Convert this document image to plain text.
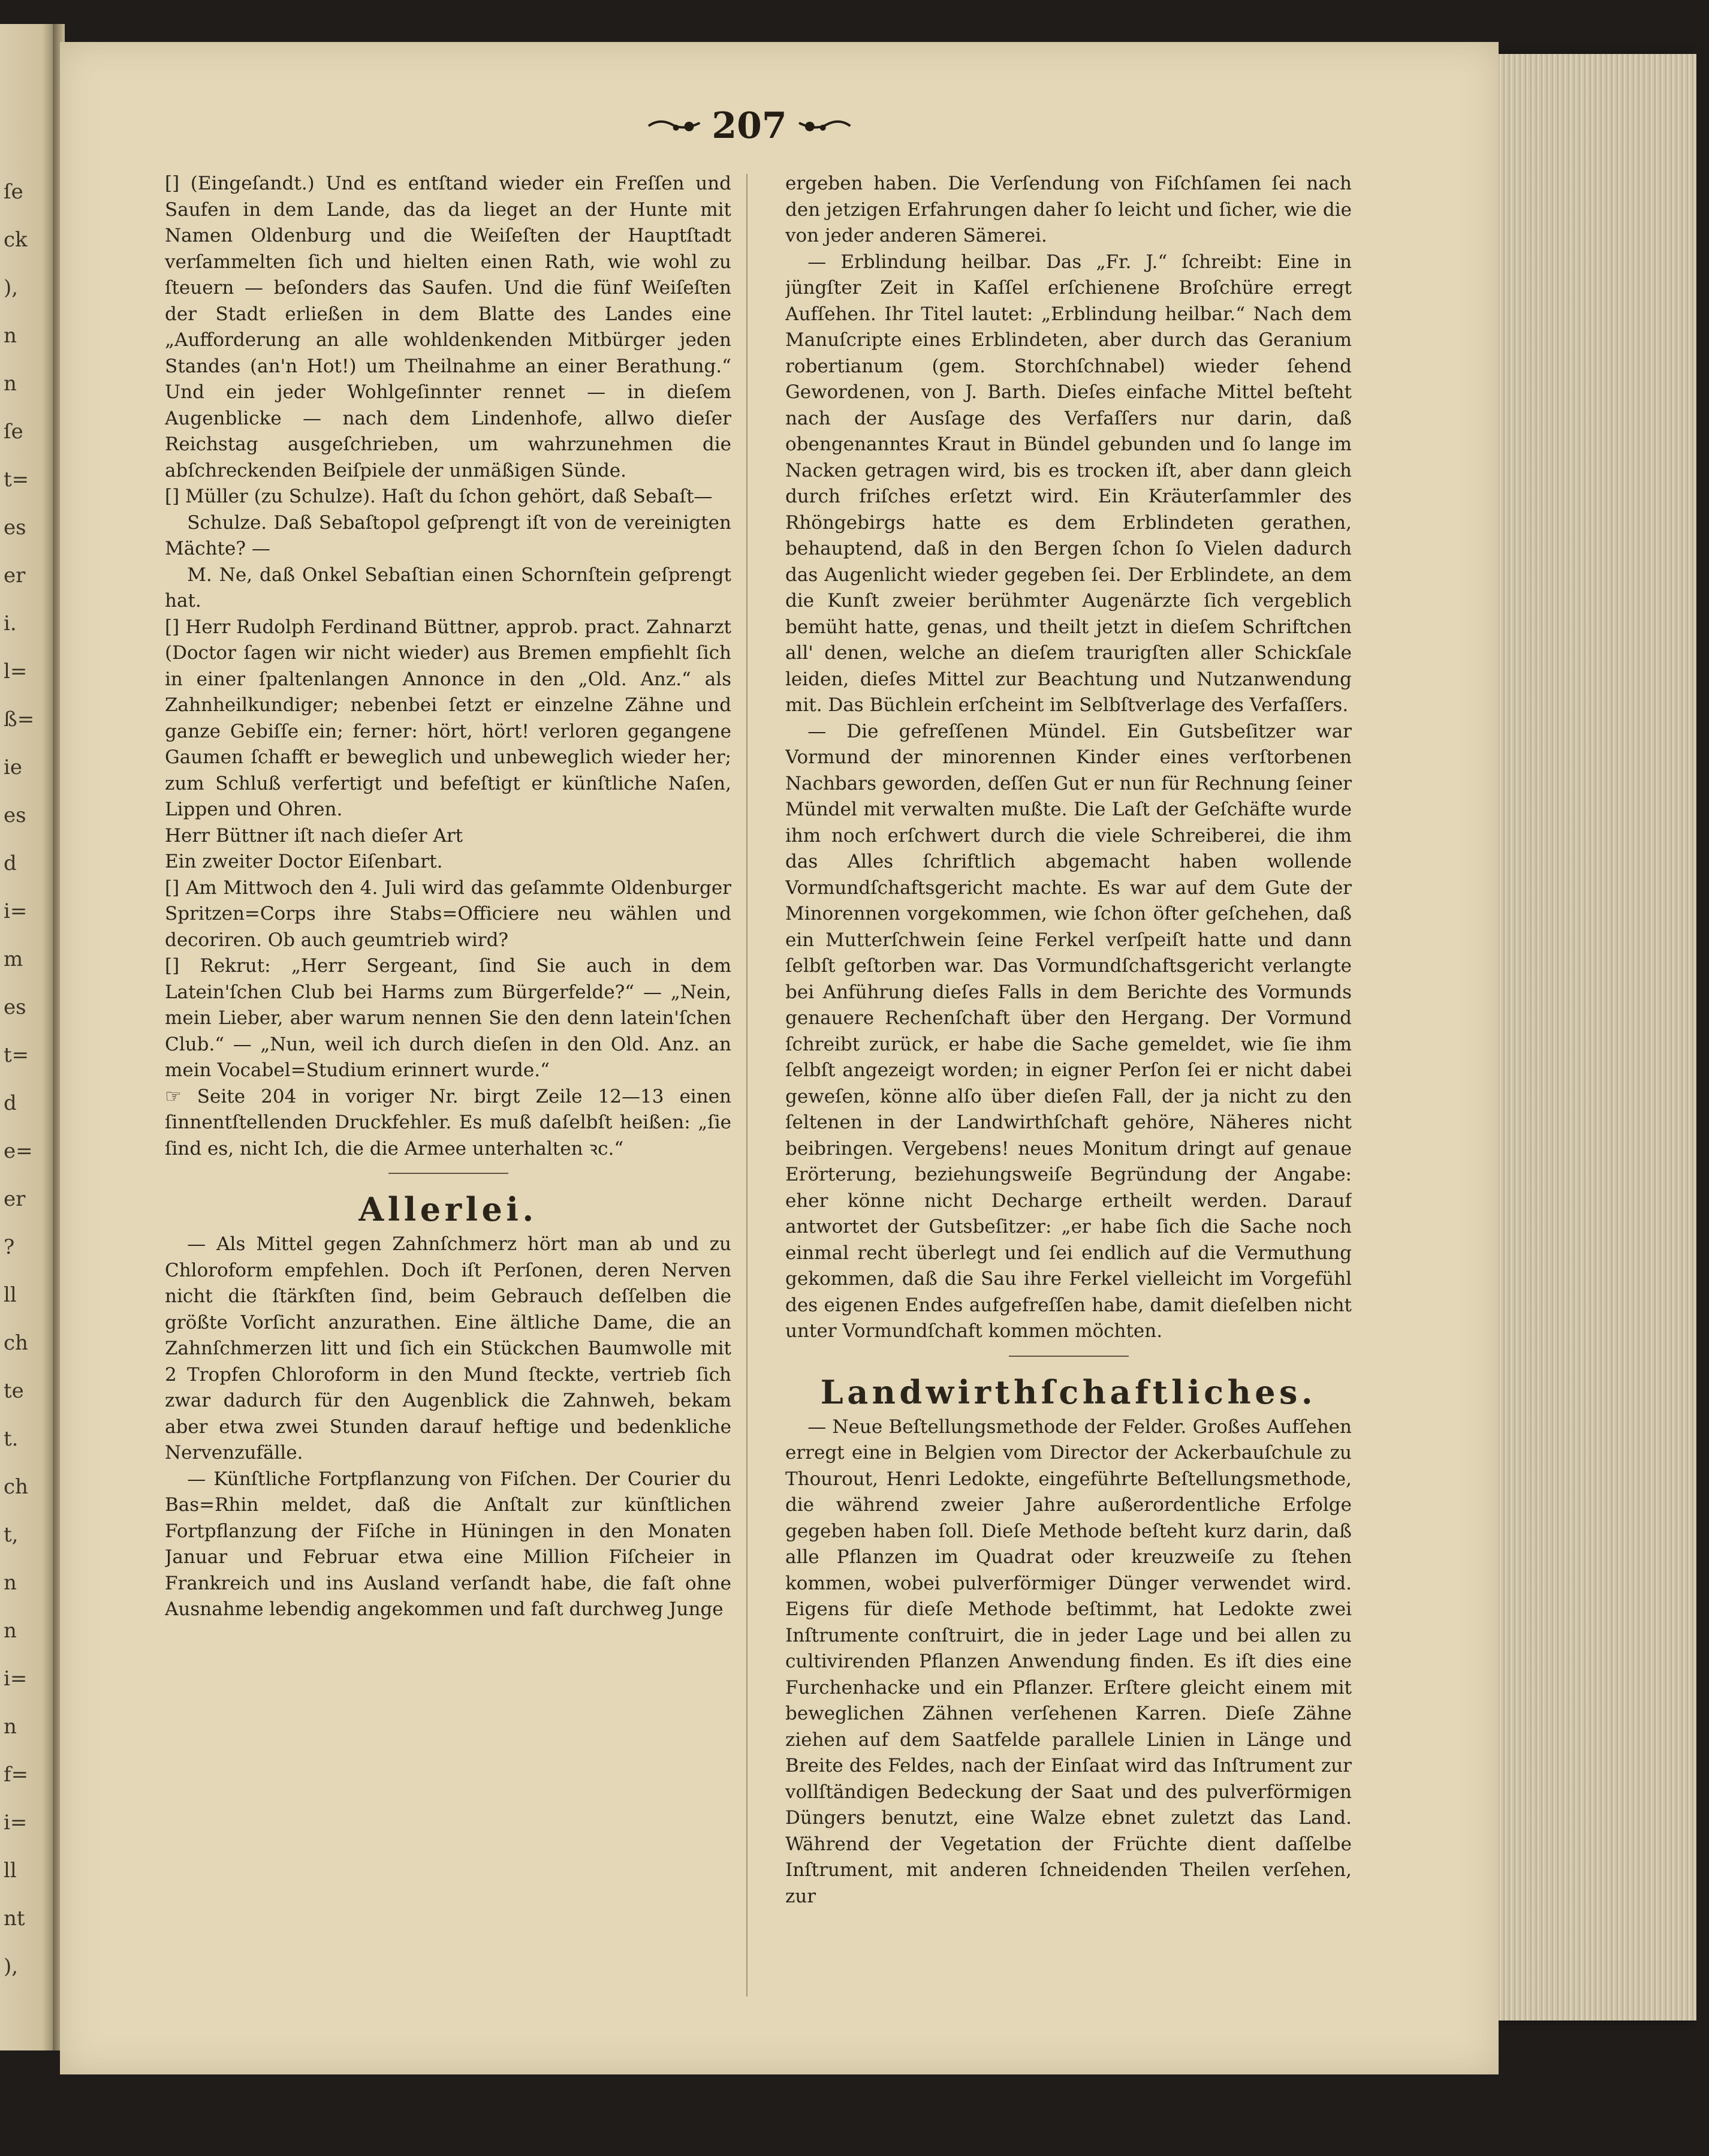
ſe
ck
),
n
n
ſe
t=
es
er
i.
l=
ß=
ie
es
d
i=
m
es
t=
d
e=
er
?
ll
ch
te
t.
ch
t,
n
n
i=
n
f=
i=
ll
nt
),
207

[] (Eingeſandt.) Und es entſtand wieder ein Freſſen und Saufen in dem Lande, das da lieget an der Hunte mit Namen Oldenburg und die Weiſeſten der Hauptſtadt verſammelten ſich und hielten einen Rath, wie wohl zu ſteuern — beſonders das Saufen. Und die fünf Weiſeſten der Stadt erließen in dem Blatte des Landes eine „Aufforderung an alle wohldenkenden Mitbürger jeden Standes (an'n Hot!) um Theilnahme an einer Berathung.“ Und ein jeder Wohlgeſinnter rennet — in dieſem Augenblicke — nach dem Lindenhofe, allwo dieſer Reichstag ausgeſchrieben, um wahrzunehmen die abſchreckenden Beiſpiele der unmäßigen Sünde.

[] Müller (zu Schulze). Haſt du ſchon gehört, daß Sebaſt—

Schulze. Daß Sebaſtopol geſprengt iſt von de vereinigten Mächte? —

M. Ne, daß Onkel Sebaſtian einen Schornſtein geſprengt hat.

[] Herr Rudolph Ferdinand Büttner, approb. pract. Zahnarzt (Doctor ſagen wir nicht wieder) aus Bremen empfiehlt ſich in einer ſpaltenlangen Annonce in den „Old. Anz.“ als Zahnheilkundiger; nebenbei ſetzt er einzelne Zähne und ganze Gebiſſe ein; ferner: hört, hört! verloren gegangene Gaumen ſchafft er beweglich und unbeweglich wieder her; zum Schluß verfertigt und befeſtigt er künſtliche Naſen, Lippen und Ohren.

Herr Büttner iſt nach dieſer Art

Ein zweiter Doctor Eiſenbart.

[] Am Mittwoch den 4. Juli wird das geſammte Oldenburger Spritzen=Corps ihre Stabs=Officiere neu wählen und decoriren. Ob auch geumtrieb wird?

[] Rekrut: „Herr Sergeant, ſind Sie auch in dem Latein'ſchen Club bei Harms zum Bürgerfelde?“ — „Nein, mein Lieber, aber warum nennen Sie den denn latein'ſchen Club.“ — „Nun, weil ich durch dieſen in den Old. Anz. an mein Vocabel=Studium erinnert wurde.“

☞ Seite 204 in voriger Nr. birgt Zeile 12—13 einen ſinnentſtellenden Druckfehler. Es muß daſelbſt heißen: „ſie ſind es, nicht Ich, die die Armee unterhalten ꝛc.“

Allerlei.

— Als Mittel gegen Zahnſchmerz hört man ab und zu Chloroform empfehlen. Doch iſt Perſonen, deren Nerven nicht die ſtärkſten ſind, beim Gebrauch deſſelben die größte Vorſicht anzurathen. Eine ältliche Dame, die an Zahnſchmerzen litt und ſich ein Stückchen Baumwolle mit 2 Tropfen Chloroform in den Mund ſteckte, vertrieb ſich zwar dadurch für den Augenblick die Zahnweh, bekam aber etwa zwei Stunden darauf heftige und bedenkliche Nervenzufälle.

— Künſtliche Fortpflanzung von Fiſchen. Der Courier du Bas=Rhin meldet, daß die Anſtalt zur künſtlichen Fortpflanzung der Fiſche in Hüningen in den Monaten Januar und Februar etwa eine Million Fiſcheier in Frankreich und ins Ausland verſandt habe, die faſt ohne Ausnahme lebendig angekommen und faſt durchweg Junge

ergeben haben. Die Verſendung von Fiſchſamen ſei nach den jetzigen Erfahrungen daher ſo leicht und ſicher, wie die von jeder anderen Sämerei.

— Erblindung heilbar. Das „Fr. J.“ ſchreibt: Eine in jüngſter Zeit in Kaſſel erſchienene Broſchüre erregt Aufſehen. Ihr Titel lautet: „Erblindung heilbar.“ Nach dem Manuſcripte eines Erblindeten, aber durch das Geranium robertianum (gem. Storchſchnabel) wieder ſehend Gewordenen, von J. Barth. Dieſes einfache Mittel beſteht nach der Ausſage des Verfaſſers nur darin, daß obengenanntes Kraut in Bündel gebunden und ſo lange im Nacken getragen wird, bis es trocken iſt, aber dann gleich durch friſches erſetzt wird. Ein Kräuterſammler des Rhöngebirgs hatte es dem Erblindeten gerathen, behauptend, daß in den Bergen ſchon ſo Vielen dadurch das Augenlicht wieder gegeben ſei. Der Erblindete, an dem die Kunſt zweier berühmter Augenärzte ſich vergeblich bemüht hatte, genas, und theilt jetzt in dieſem Schriftchen all' denen, welche an dieſem traurigſten aller Schickſale leiden, dieſes Mittel zur Beachtung und Nutzanwendung mit. Das Büchlein erſcheint im Selbſtverlage des Verfaſſers.

— Die gefreſſenen Mündel. Ein Gutsbeſitzer war Vormund der minorennen Kinder eines verſtorbenen Nachbars geworden, deſſen Gut er nun für Rechnung ſeiner Mündel mit verwalten mußte. Die Laſt der Geſchäfte wurde ihm noch erſchwert durch die viele Schreiberei, die ihm das Alles ſchriftlich abgemacht haben wollende Vormundſchaftsgericht machte. Es war auf dem Gute der Minorennen vorgekommen, wie ſchon öfter geſchehen, daß ein Mutterſchwein ſeine Ferkel verſpeiſt hatte und dann ſelbſt geſtorben war. Das Vormundſchaftsgericht verlangte bei Anführung dieſes Falls in dem Berichte des Vormunds genauere Rechenſchaft über den Hergang. Der Vormund ſchreibt zurück, er habe die Sache gemeldet, wie ſie ihm ſelbſt angezeigt worden; in eigner Perſon ſei er nicht dabei geweſen, könne alſo über dieſen Fall, der ja nicht zu den ſeltenen in der Landwirthſchaft gehöre, Näheres nicht beibringen. Vergebens! neues Monitum dringt auf genaue Erörterung, beziehungsweiſe Begründung der Angabe: eher könne nicht Decharge ertheilt werden. Darauf antwortet der Gutsbeſitzer: „er habe ſich die Sache noch einmal recht überlegt und ſei endlich auf die Vermuthung gekommen, daß die Sau ihre Ferkel vielleicht im Vorgefühl des eigenen Endes aufgefreſſen habe, damit dieſelben nicht unter Vormundſchaft kommen möchten.

Landwirthſchaftliches.

— Neue Beſtellungsmethode der Felder. Großes Aufſehen erregt eine in Belgien vom Director der Ackerbauſchule zu Thourout, Henri Ledokte, eingeführte Beſtellungsmethode, die während zweier Jahre außerordentliche Erfolge gegeben haben ſoll. Dieſe Methode beſteht kurz darin, daß alle Pflanzen im Quadrat oder kreuzweiſe zu ſtehen kommen, wobei pulverförmiger Dünger verwendet wird. Eigens für dieſe Methode beſtimmt, hat Ledokte zwei Inſtrumente conſtruirt, die in jeder Lage und bei allen zu cultivirenden Pflanzen Anwendung finden. Es iſt dies eine Furchenhacke und ein Pflanzer. Erſtere gleicht einem mit beweglichen Zähnen verſehenen Karren. Dieſe Zähne ziehen auf dem Saatfelde parallele Linien in Länge und Breite des Feldes, nach der Einſaat wird das Inſtrument zur vollſtändigen Bedeckung der Saat und des pulverförmigen Düngers benutzt, eine Walze ebnet zuletzt das Land. Während der Vegetation der Früchte dient daſſelbe Inſtrument, mit anderen ſchneidenden Theilen verſehen, zur
